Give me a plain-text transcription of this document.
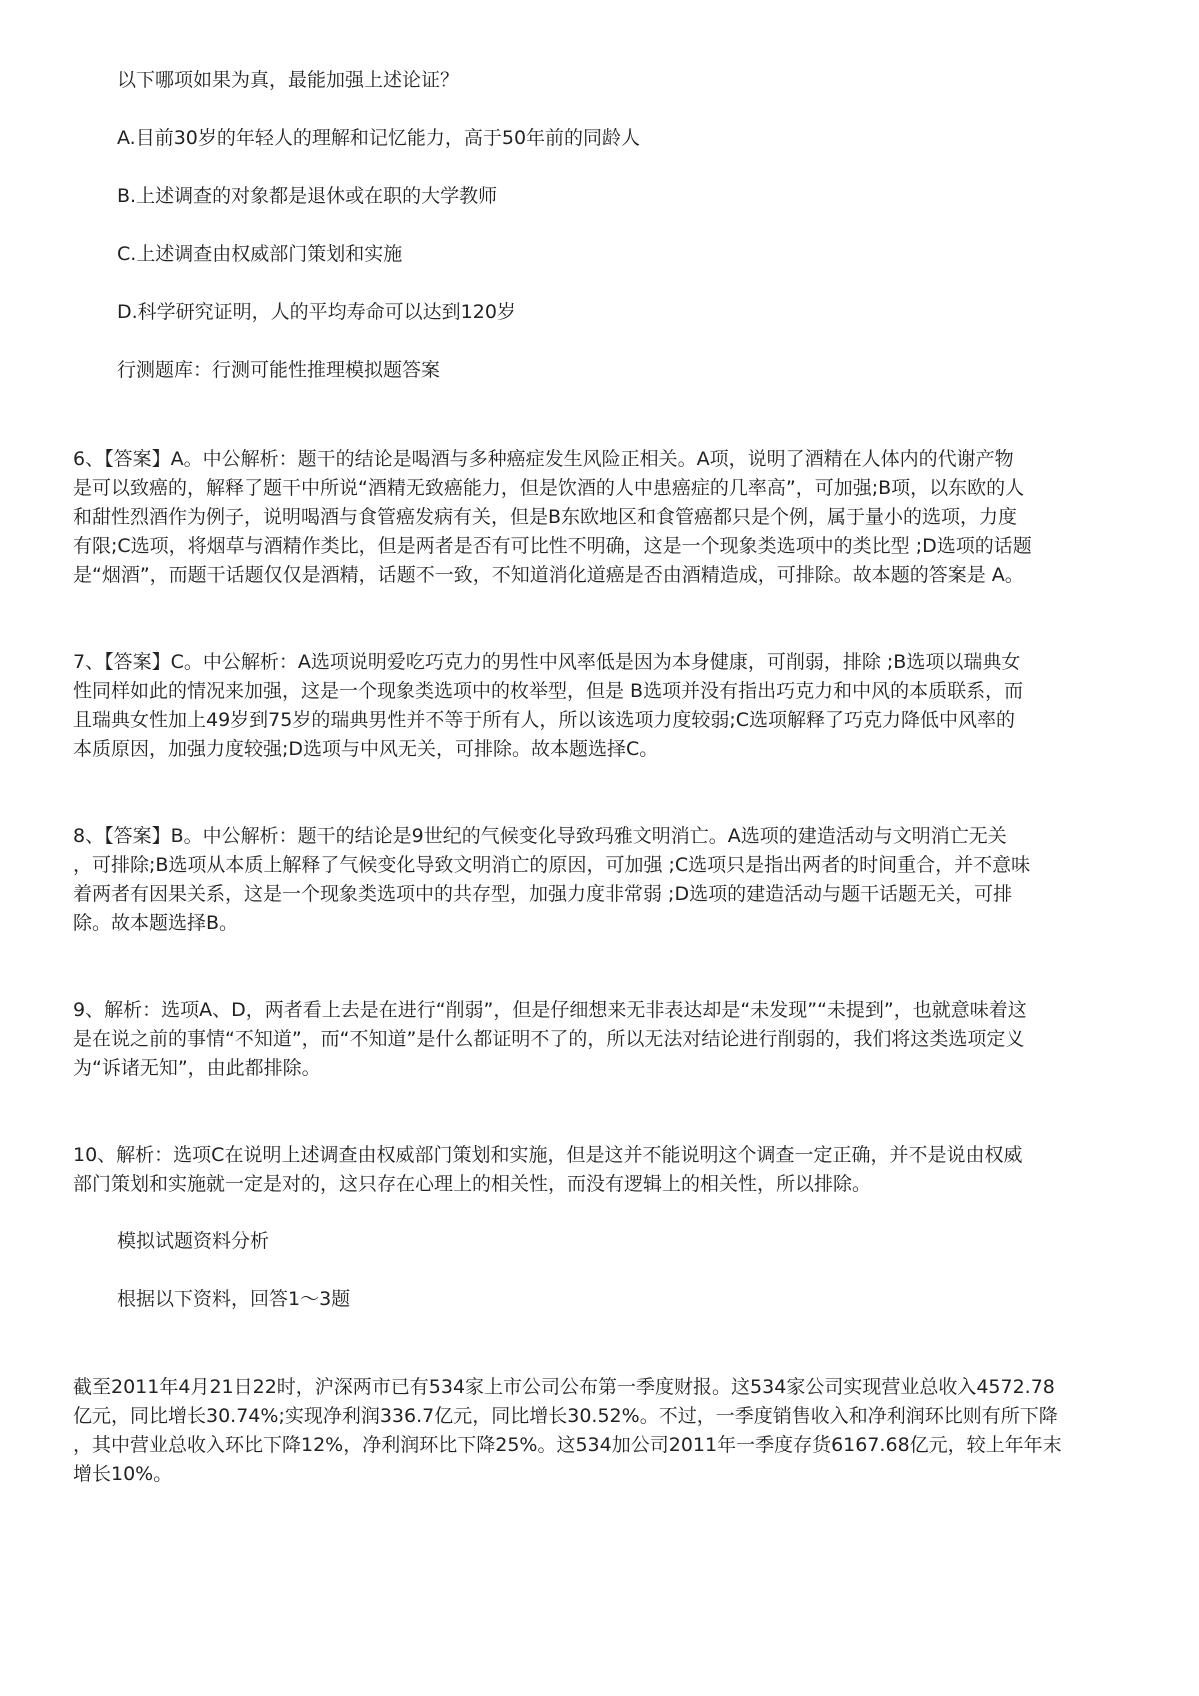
以下哪项如果为真，最能加强上述论证？
A.目前30岁的年轻人的理解和记忆能力，高于50年前的同龄人
B.上述调查的对象都是退休或在职的大学教师
C.上述调查由权威部门策划和实施
D.科学研究证明，人的平均寿命可以达到120岁
行测题库：行测可能性推理模拟题答案
6、【答案】A。中公解析：题干的结论是喝酒与多种癌症发生风险正相关。A项，说明了酒精在人体内的代谢产物
是可以致癌的，解释了题干中所说“酒精无致癌能力，但是饮酒的人中患癌症的几率高”，可加强;B项，以东欧的人
和甜性烈酒作为例子，说明喝酒与食管癌发病有关，但是B东欧地区和食管癌都只是个例，属于量小的选项，力度
有限;C选项，将烟草与酒精作类比，但是两者是否有可比性不明确，这是一个现象类选项中的类比型 ;D选项的话题
是“烟酒”，而题干话题仅仅是酒精，话题不一致，不知道消化道癌是否由酒精造成，可排除。故本题的答案是 A。
7、【答案】C。中公解析：A选项说明爱吃巧克力的男性中风率低是因为本身健康，可削弱，排除 ;B选项以瑞典女
性同样如此的情况来加强，这是一个现象类选项中的枚举型，但是 B选项并没有指出巧克力和中风的本质联系，而
且瑞典女性加上49岁到75岁的瑞典男性并不等于所有人，所以该选项力度较弱;C选项解释了巧克力降低中风率的
本质原因，加强力度较强;D选项与中风无关，可排除。故本题选择C。
8、【答案】B。中公解析：题干的结论是9世纪的气候变化导致玛雅文明消亡。A选项的建造活动与文明消亡无关
，可排除;B选项从本质上解释了气候变化导致文明消亡的原因，可加强 ;C选项只是指出两者的时间重合，并不意味
着两者有因果关系，这是一个现象类选项中的共存型，加强力度非常弱 ;D选项的建造活动与题干话题无关，可排
除。故本题选择B。
9、解析：选项A、D，两者看上去是在进行“削弱”，但是仔细想来无非表达却是“未发现”“未提到”，也就意味着这
是在说之前的事情“不知道”，而“不知道”是什么都证明不了的，所以无法对结论进行削弱的，我们将这类选项定义
为“诉诸无知”，由此都排除。
10、解析：选项C在说明上述调查由权威部门策划和实施，但是这并不能说明这个调查一定正确，并不是说由权威
部门策划和实施就一定是对的，这只存在心理上的相关性，而没有逻辑上的相关性，所以排除。
模拟试题资料分析
根据以下资料，回答1～3题
截至2011年4月21日22时，沪深两市已有534家上市公司公布第一季度财报。这534家公司实现营业总收入4572.78
亿元，同比增长30.74%;实现净利润336.7亿元，同比增长30.52%。不过，一季度销售收入和净利润环比则有所下降
，其中营业总收入环比下降12%，净利润环比下降25%。这534加公司2011年一季度存货6167.68亿元，较上年年末
增长10%。
